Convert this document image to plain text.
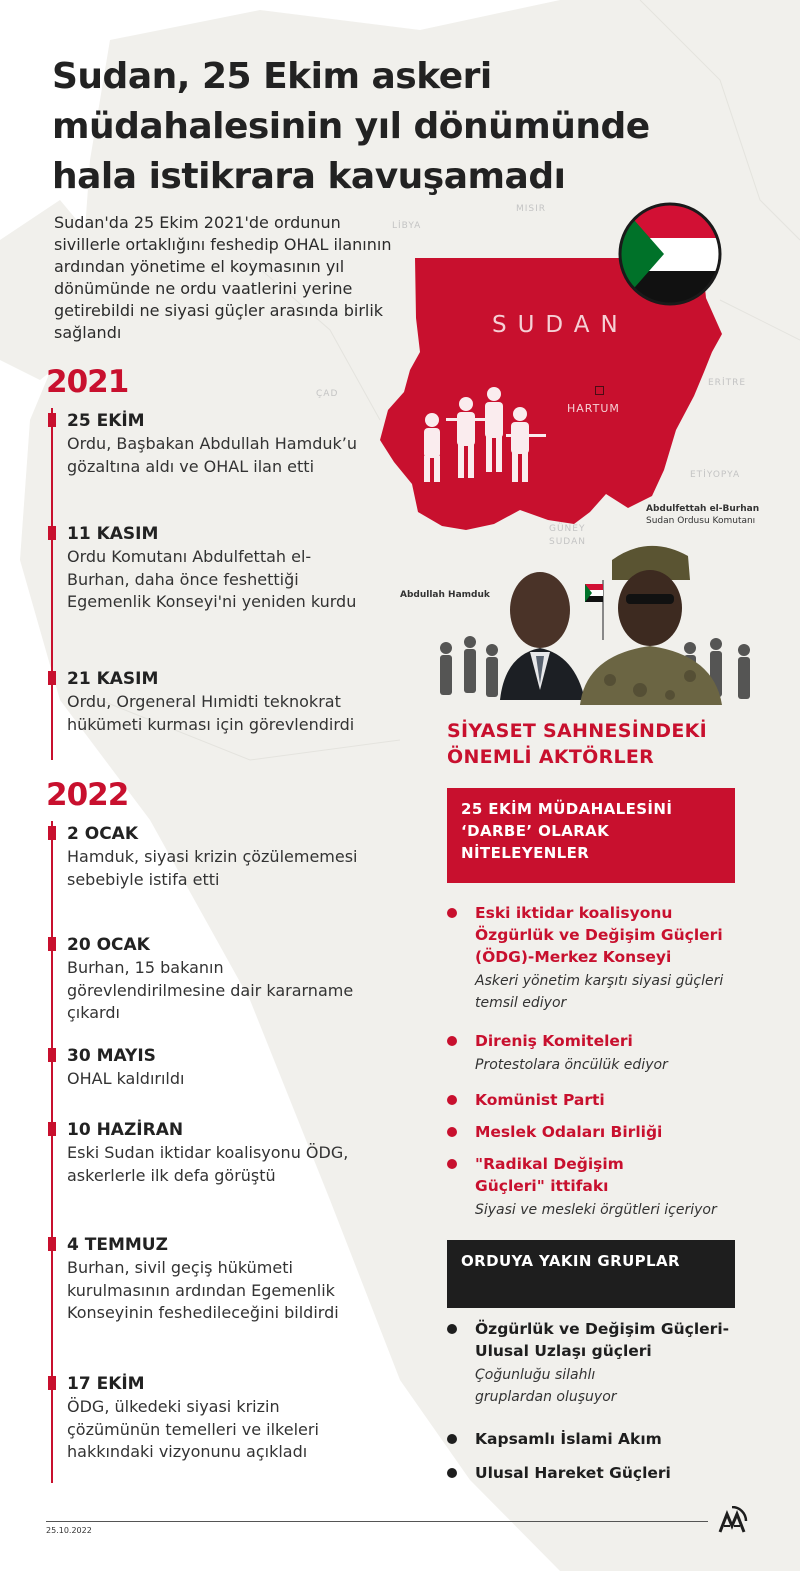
LİBYA
MISIR
ÇAD
ERİTRE
ETİYOPYA
GÜNEY
SUDAN
SUDAN
HARTUM
Abdulfettah el-Burhan
Sudan Ordusu Komutanı
Abdullah Hamduk
Sudan, 25 Ekim askeri müdahalesinin yıl dönümünde hala istikrara kavuşamadı

Sudan'da 25 Ekim 2021'de ordunun sivillerle ortaklığını feshedip OHAL ilanının ardından yönetime el koymasının yıl dönümünde ne ordu vaatlerini yerine getirebildi ne siyasi güçler arasında birlik sağlandı

2021
25 EKİM
Ordu, Başbakan Abdullah Hamduk’u gözaltına aldı ve OHAL ilan etti
11 KASIM
Ordu Komutanı Abdulfettah el-Burhan, daha önce feshettiği Egemenlik Konseyi'ni yeniden kurdu
21 KASIM
Ordu, Orgeneral Hımidti teknokrat hükümeti kurması için görevlendirdi
2022
2 OCAK
Hamduk, siyasi krizin çözülememesi sebebiyle istifa etti
20 OCAK
Burhan, 15 bakanın görevlendirilmesine dair kararname çıkardı
30 MAYIS
OHAL kaldırıldı
10 HAZİRAN
Eski Sudan iktidar koalisyonu ÖDG, askerlerle ilk defa görüştü
4 TEMMUZ
Burhan, sivil geçiş hükümeti kurulmasının ardından Egemenlik Konseyinin feshedileceğini bildirdi
17 EKİM
ÖDG, ülkedeki siyasi krizin çözümünün temelleri ve ilkeleri hakkındaki vizyonunu açıkladı
SİYASET SAHNESİNDEKİ ÖNEMLİ AKTÖRLER
25 EKİM MÜDAHALESİNİ ‘DARBE’ OLARAK NİTELEYENLER
Eski iktidar koalisyonu Özgürlük ve Değişim Güçleri (ÖDG)-Merkez Konseyi
Askeri yönetim karşıtı siyasi güçleri temsil ediyor
Direniş Komiteleri
Protestolara öncülük ediyor
Komünist Parti
Meslek Odaları Birliği
"Radikal Değişim Güçleri" ittifakı
Siyasi ve mesleki örgütleri içeriyor
ORDUYA YAKIN GRUPLAR
Özgürlük ve Değişim Güçleri-Ulusal Uzlaşı güçleri
Çoğunluğu silahlı gruplardan oluşuyor
Kapsamlı İslami Akım
Ulusal Hareket Güçleri
25.10.2022
